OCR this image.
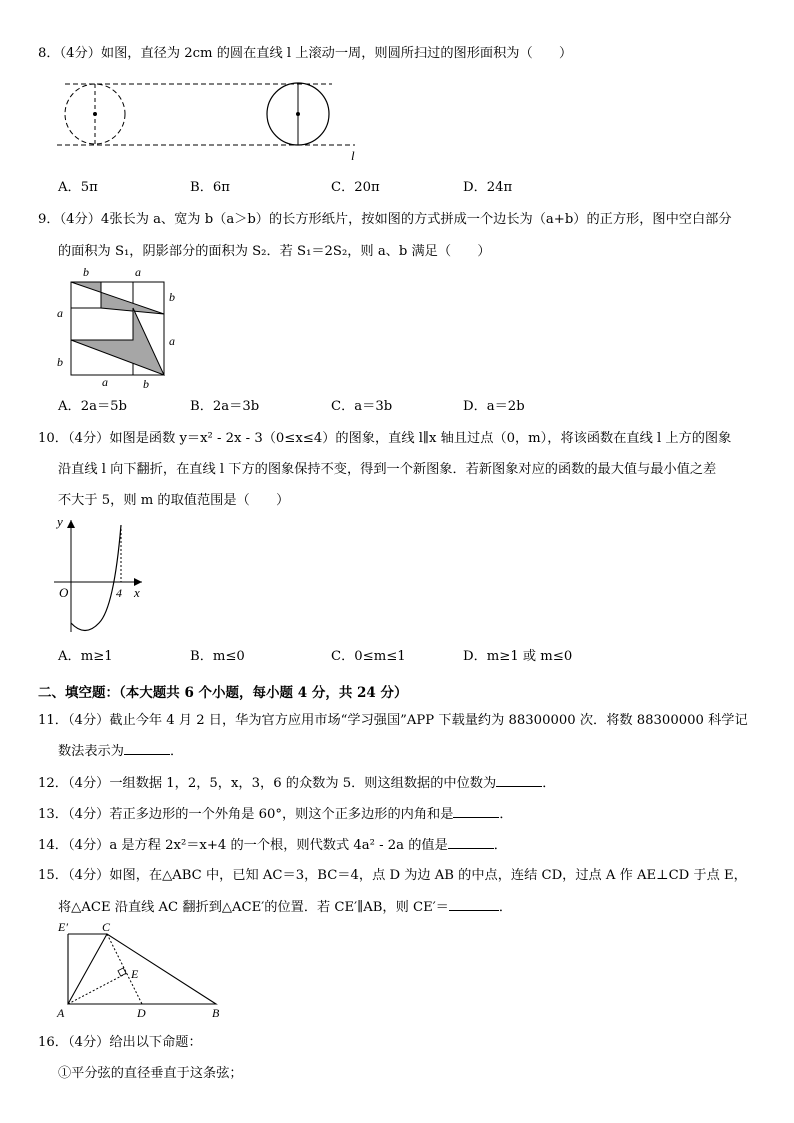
8．（4分）如图，直径为 2cm 的圆在直线 l 上滚动一周，则圆所扫过的图形面积为（　　）
l
A．5π	B．6π	C．20π	D．24π
9．（4分）4张长为 a、宽为 b（a＞b）的长方形纸片，按如图的方式拼成一个边长为（a+b）的正方形，图中空白部分
的面积为 S₁，阴影部分的面积为 S₂．若 S₁＝2S₂，则 a、b 满足（　　）
b	a
a
b
b
a
a	b
A．2a＝5b	B．2a＝3b	C．a＝3b	D．a＝2b
10．（4分）如图是函数 y＝x² - 2x - 3（0≤x≤4）的图象，直线 l∥x 轴且过点（0，m），将该函数在直线 l 上方的图象
沿直线 l 向下翻折，在直线 l 下方的图象保持不变，得到一个新图象．若新图象对应的函数的最大值与最小值之差
不大于 5，则 m 的取值范围是（　　）
y
O	4 x
A．m≥1	B．m≤0	C．0≤m≤1	D．m≥1 或 m≤0
二、填空题：（本大题共 6 个小题，每小题 4 分，共 24 分）
11．（4分）截止今年 4 月 2 日，华为官方应用市场“学习强国”APP 下载量约为 88300000 次．将数 88300000 科学记
数法表示为	．
12．（4分）一组数据 1，2，5，x，3，6 的众数为 5．则这组数据的中位数为	．
13．（4分）若正多边形的一个外角是 60°，则这个正多边形的内角和是	．
14．（4分）a 是方程 2x²＝x+4 的一个根，则代数式 4a² - 2a 的值是	．
15．（4分）如图，在△ABC 中，已知 AC＝3，BC＝4，点 D 为边 AB 的中点，连结 CD，过点 A 作 AE⊥CD 于点 E，
将△ACE 沿直线 AC 翻折到△ACE′的位置．若 CE′∥AB，则 CE′＝	．
E′	C
E
A	D	B
16．（4分）给出以下命题：
①平分弦的直径垂直于这条弦；
